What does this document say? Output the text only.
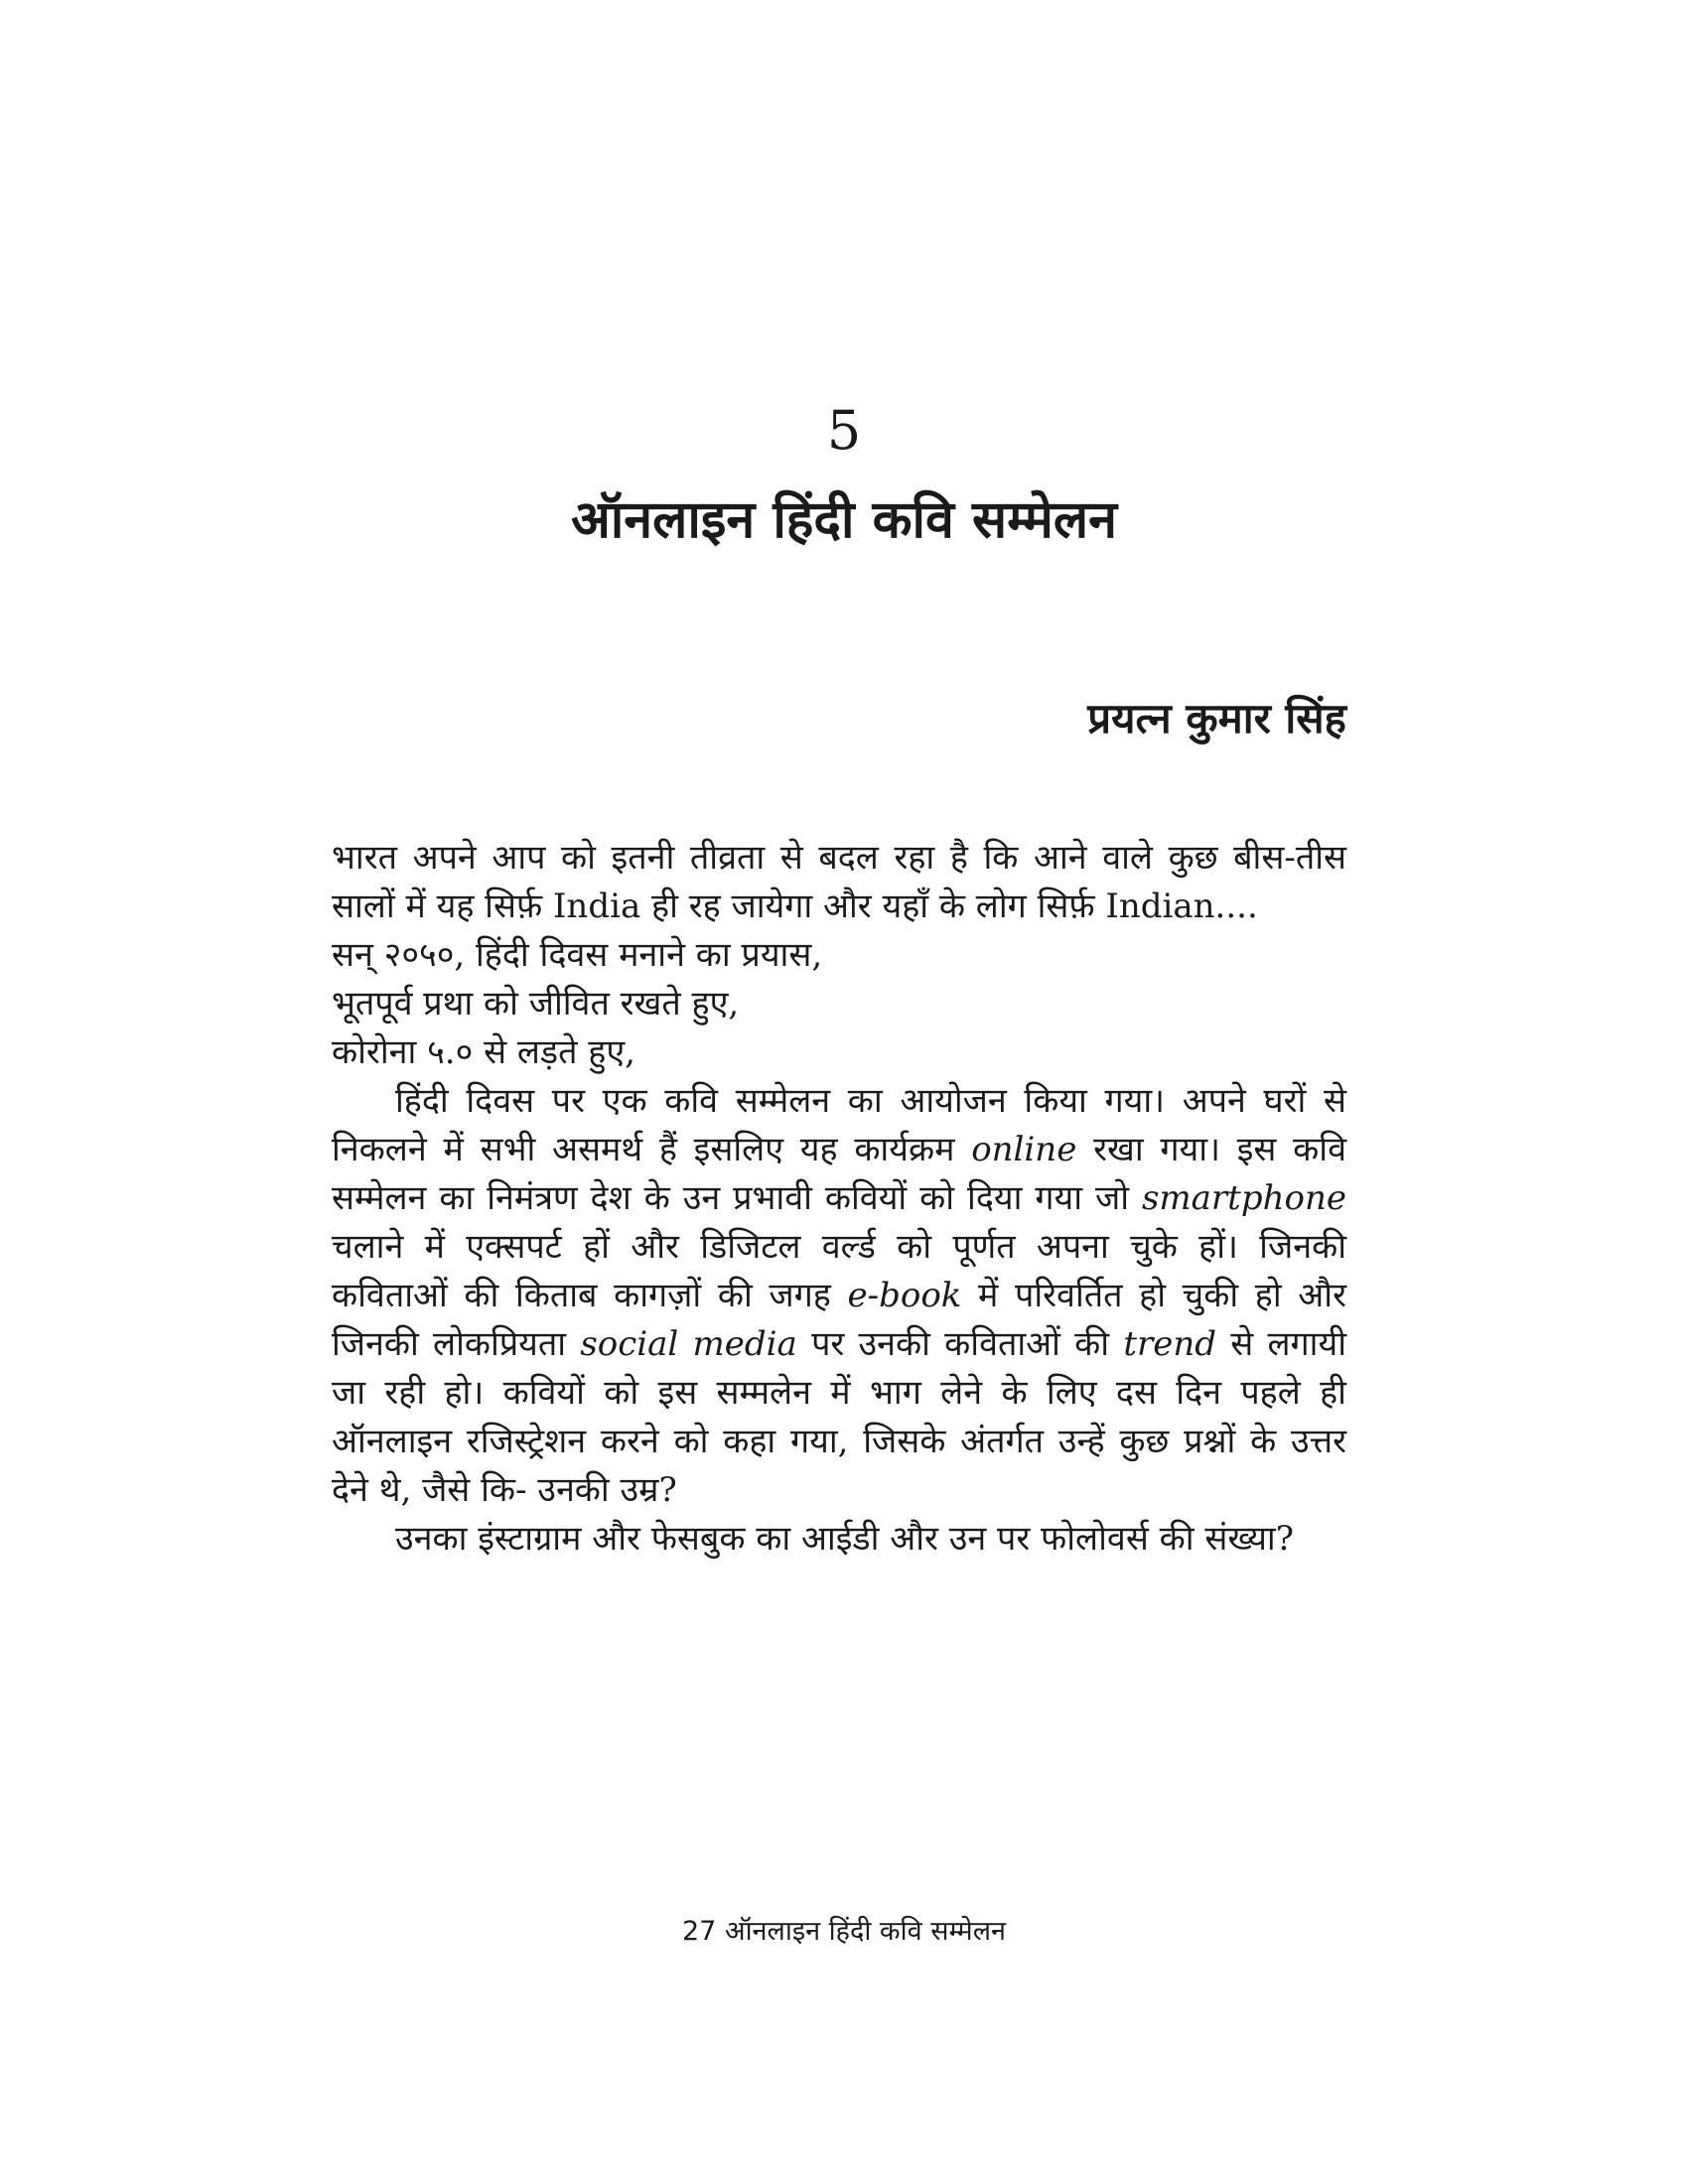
5
ऑनलाइन हिंदी कवि सम्मेलन
प्रयत्न कुमार सिंह

भारत अपने आप को इतनी तीव्रता से बदल रहा है कि आने वाले कुछ बीस-तीस सालों में यह सिर्फ़ India ही रह जायेगा और यहाँ के लोग सिर्फ़ Indian....

सन् २०५०, हिंदी दिवस मनाने का प्रयास,
भूतपूर्व प्रथा को जीवित रखते हुए,
कोरोना ५.० से लड़ते हुए,

हिंदी दिवस पर एक कवि सम्मेलन का आयोजन किया गया। अपने घरों से निकलने में सभी असमर्थ हैं इसलिए यह कार्यक्रम online रखा गया। इस कवि सम्मेलन का निमंत्रण देश के उन प्रभावी कवियों को दिया गया जो smartphone चलाने में एक्सपर्ट हों और डिजिटल वर्ल्ड को पूर्णत अपना चुके हों। जिनकी कविताओं की किताब कागज़ों की जगह e-book में परिवर्तित हो चुकी हो और जिनकी लोकप्रियता social media पर उनकी कविताओं की trend से लगायी जा रही हो। कवियों को इस सम्मलेन में भाग लेने के लिए दस दिन पहले ही ऑनलाइन रजिस्ट्रेशन करने को कहा गया, जिसके अंतर्गत उन्हें कुछ प्रश्नों के उत्तर देने थे, जैसे कि- उनकी उम्र?

उनका इंस्टाग्राम और फेसबुक का आईडी और उन पर फोलोवर्स की संख्या?

27 ऑनलाइन हिंदी कवि सम्मेलन
